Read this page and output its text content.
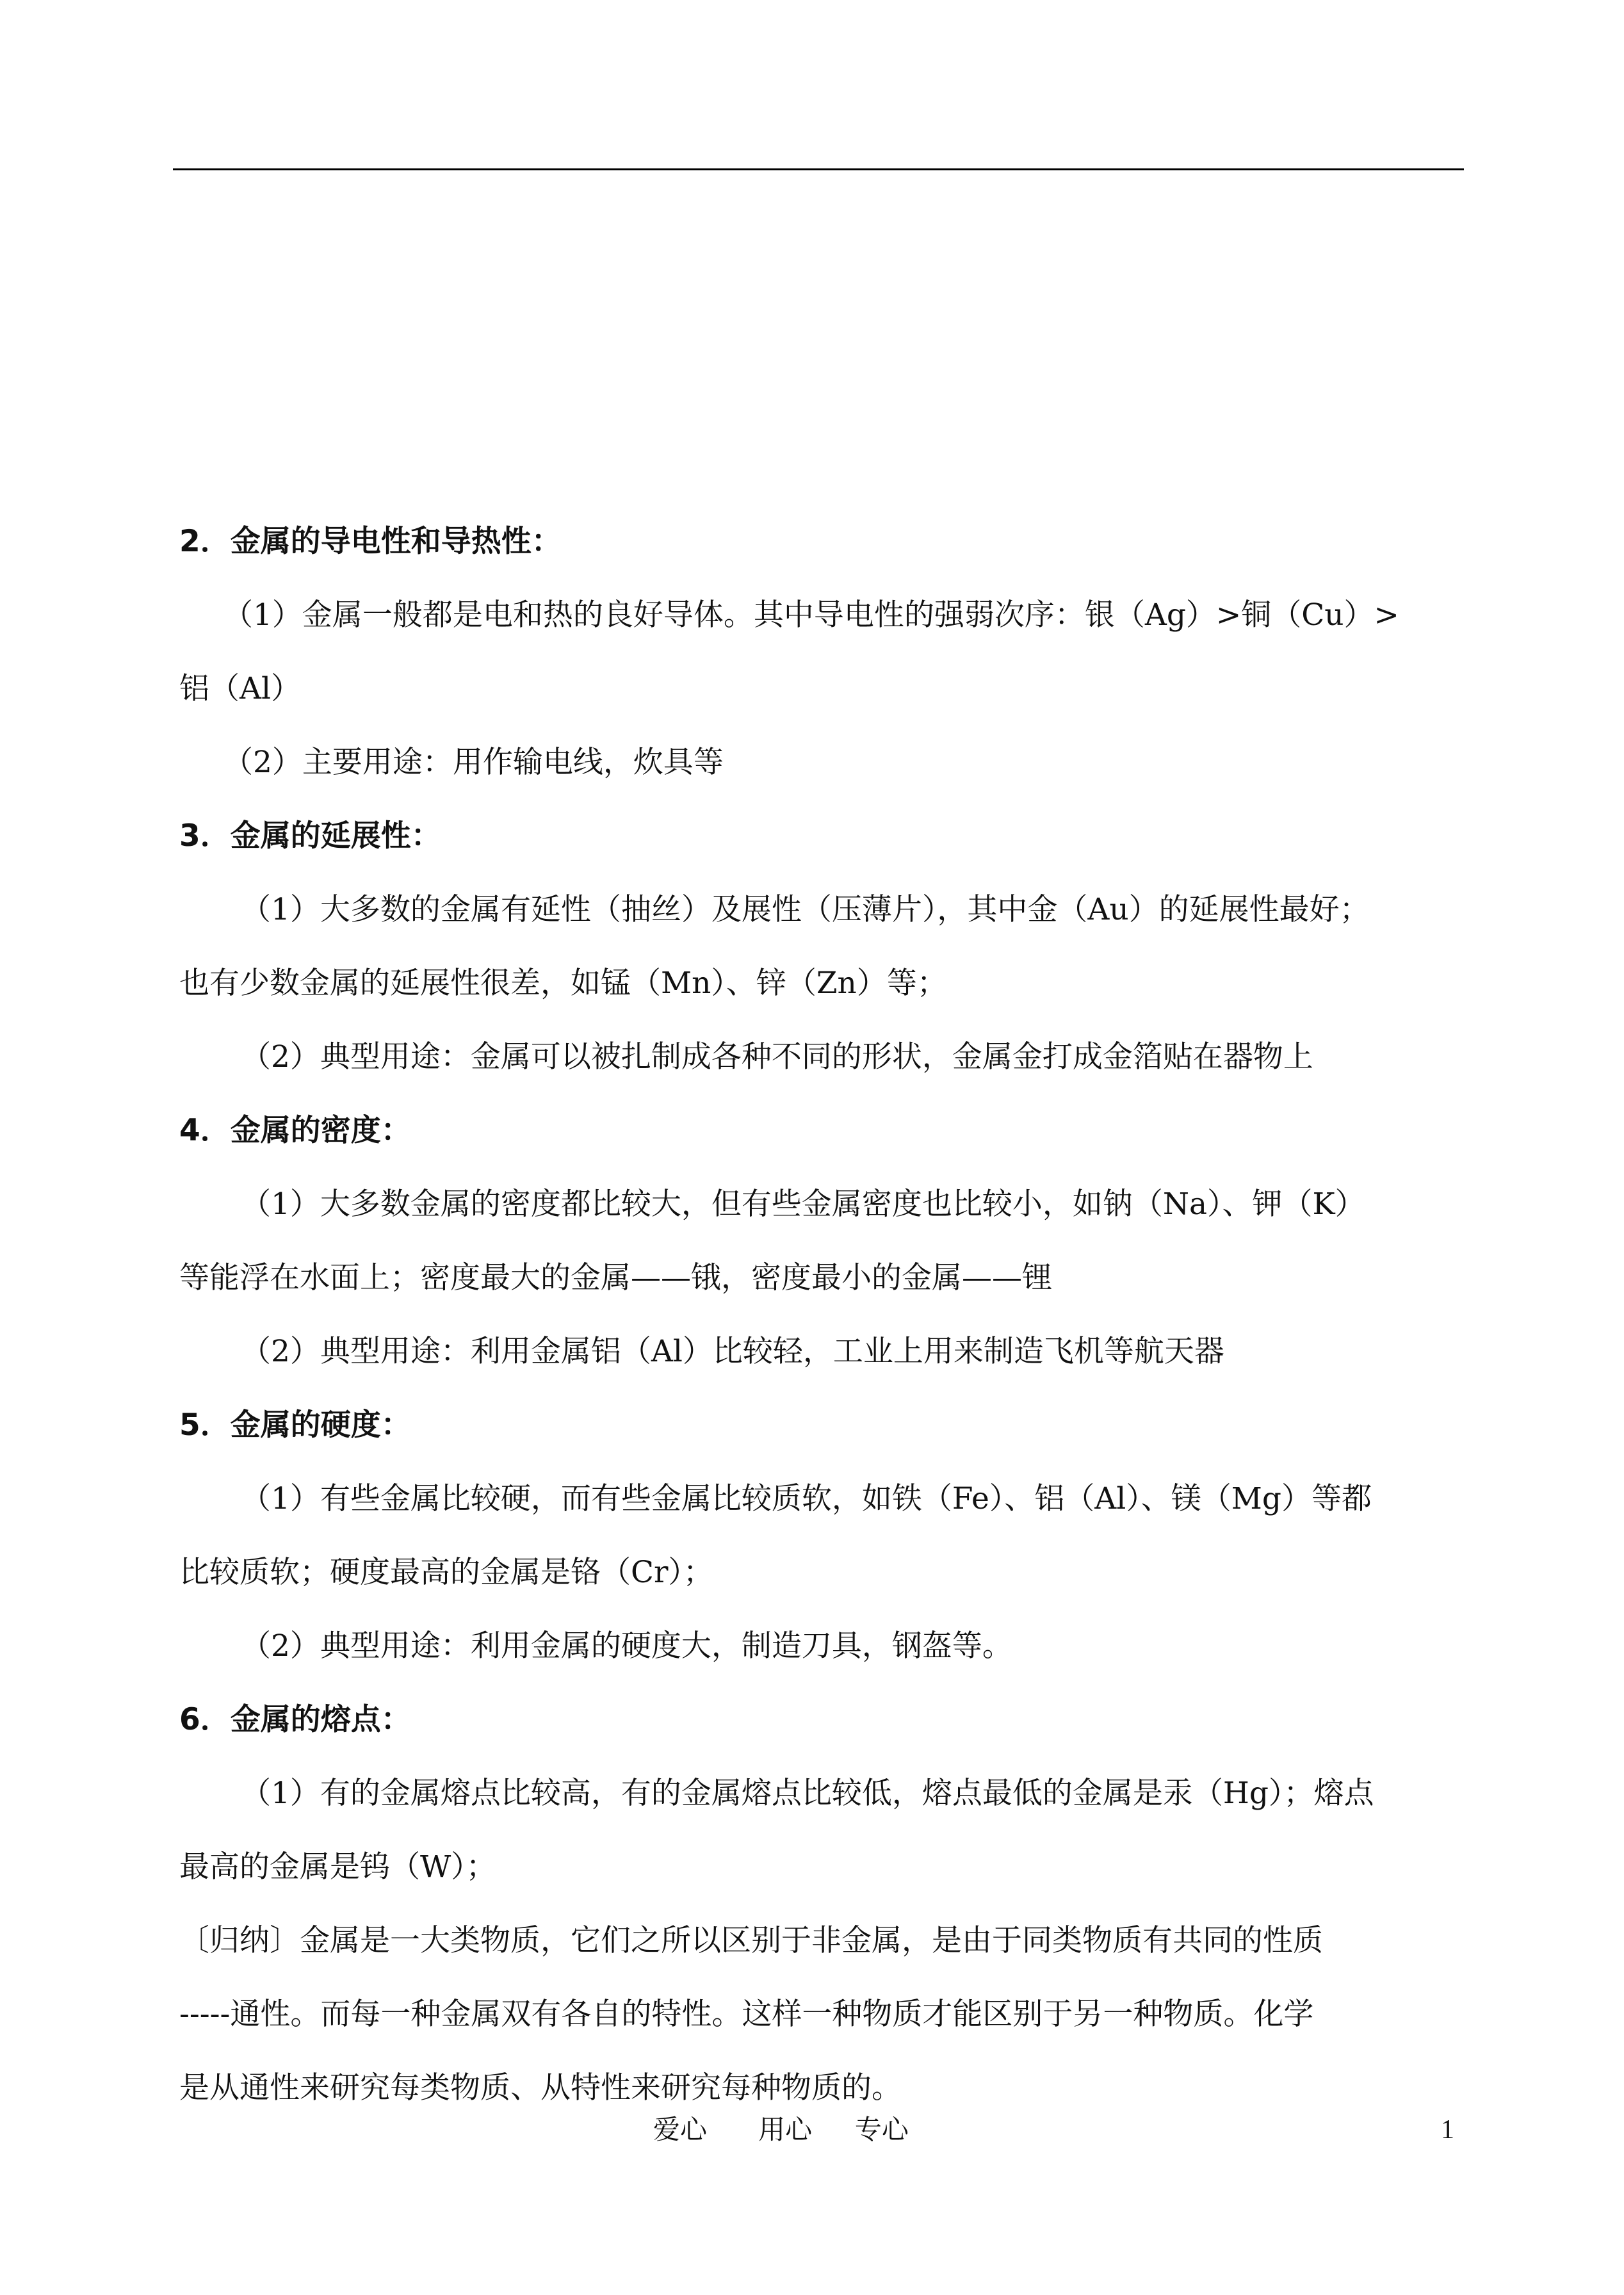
2．金属的导电性和导热性：
（1）金属一般都是电和热的良好导体。其中导电性的强弱次序：银（Ag）>铜（Cu）>
铝（Al）
（2）主要用途：用作输电线，炊具等
3．金属的延展性：
（1）大多数的金属有延性（抽丝）及展性（压薄片），其中金（Au）的延展性最好；
也有少数金属的延展性很差，如锰（Mn）、锌（Zn）等；
（2）典型用途：金属可以被扎制成各种不同的形状，金属金打成金箔贴在器物上
4．金属的密度：
（1）大多数金属的密度都比较大，但有些金属密度也比较小，如钠（Na）、钾（K）
等能浮在水面上；密度最大的金属——锇，密度最小的金属——锂
（2）典型用途：利用金属铝（Al）比较轻，工业上用来制造飞机等航天器
5．金属的硬度：
（1）有些金属比较硬，而有些金属比较质软，如铁（Fe）、铝（Al）、镁（Mg）等都
比较质软；硬度最高的金属是铬（Cr）；
（2）典型用途：利用金属的硬度大，制造刀具，钢盔等。
6．金属的熔点：
（1）有的金属熔点比较高，有的金属熔点比较低，熔点最低的金属是汞（Hg）；熔点
最高的金属是钨（W）；
〔归纳〕金属是一大类物质，它们之所以区别于非金属，是由于同类物质有共同的性质
-----通性。而每一种金属双有各自的特性。这样一种物质才能区别于另一种物质。化学
是从通性来研究每类物质、从特性来研究每种物质的。
爱心      用心     专心	1
